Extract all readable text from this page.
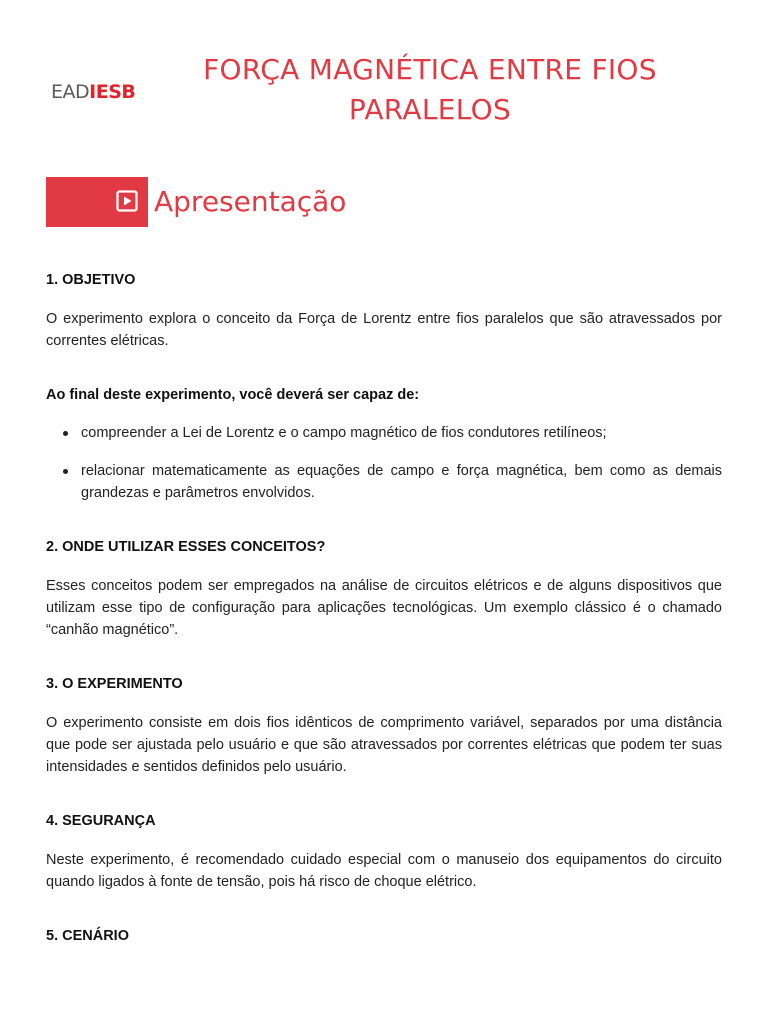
EADIESB
FORÇA MAGNÉTICA ENTRE FIOS PARALELOS
Apresentação
1. OBJETIVO

O experimento explora o conceito da Força de Lorentz entre fios paralelos que são atravessados por correntes elétricas.

Ao final deste experimento, você deverá ser capaz de:

compreender a Lei de Lorentz e o campo magnético de fios condutores retilíneos;
relacionar matematicamente as equações de campo e força magnética, bem como as demais grandezas e parâmetros envolvidos.
2. ONDE UTILIZAR ESSES CONCEITOS?

Esses conceitos podem ser empregados na análise de circuitos elétricos e de alguns dispositivos que utilizam esse tipo de configuração para aplicações tecnológicas. Um exemplo clássico é o chamado “canhão magnético”.

3. O EXPERIMENTO

O experimento consiste em dois fios idênticos de comprimento variável, separados por uma distância que pode ser ajustada pelo usuário e que são atravessados por correntes elétricas que podem ter suas intensidades e sentidos definidos pelo usuário.

4. SEGURANÇA

Neste experimento, é recomendado cuidado especial com o manuseio dos equipamentos do circuito quando ligados à fonte de tensão, pois há risco de choque elétrico.

5. CENÁRIO
